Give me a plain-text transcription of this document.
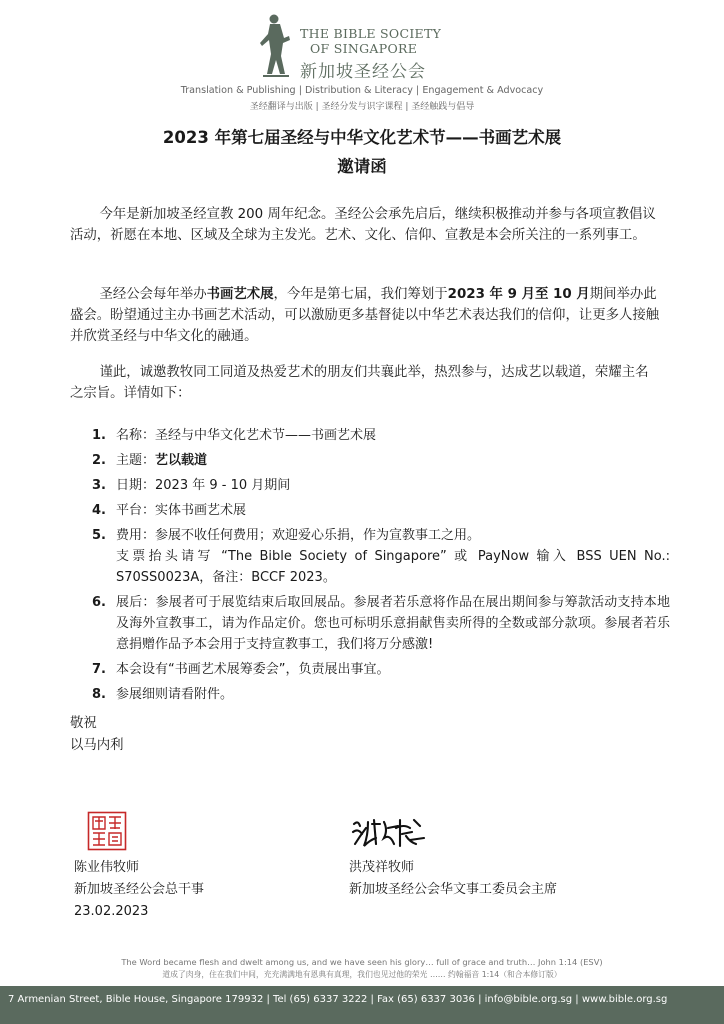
THE BIBLE SOCIETY
OF SINGAPORE
新加坡圣经公会
Translation & Publishing | Distribution & Literacy | Engagement & Advocacy
圣经翻译与出版 | 圣经分发与识字课程 | 圣经触践与倡导
2023 年第七届圣经与中华文化艺术节——书画艺术展
邀请函
今年是新加坡圣经宣教 200 周年纪念。圣经公会承先启后，继续积极推动并参与各项宣教倡议活动，祈愿在本地、区域及全球为主发光。艺术、文化、信仰、宣教是本会所关注的一系列事工。
圣经公会每年举办书画艺术展，今年是第七届，我们筹划于2023 年 9 月至 10 月期间举办此盛会。盼望通过主办书画艺术活动，可以激励更多基督徒以中华艺术表达我们的信仰，让更多人接触并欣赏圣经与中华文化的融通。
谨此，诚邀教牧同工同道及热爱艺术的朋友们共襄此举，热烈参与，达成艺以载道，荣耀主名之宗旨。详情如下：
1. 名称：圣经与中华文化艺术节——书画艺术展
2. 主题：艺以载道
3. 日期：2023 年 9 - 10 月期间
4. 平台：实体书画艺术展
5. 费用：参展不收任何费用；欢迎爱心乐捐，作为宣教事工之用。
支票抬头请写 “The Bible Society of Singapore” 或 PayNow 输入 BSS UEN No.: S70SS0023A，备注：BCCF 2023。
6. 展后：参展者可于展览结束后取回展品。参展者若乐意将作品在展出期间参与筹款活动支持本地及海外宣教事工，请为作品定价。您也可标明乐意捐献售卖所得的全数或部分款项。参展者若乐意捐赠作品予本会用于支持宣教事工，我们将万分感激!
7. 本会设有“书画艺术展筹委会”，负责展出事宜。
8. 参展细则请看附件。
敬祝
以马内利
陈业伟牧师
新加坡圣经公会总干事
23.02.2023
洪茂祥牧师
新加坡圣经公会华文事工委员会主席
The Word became flesh and dwelt among us, and we have seen his glory… full of grace and truth… John 1:14 (ESV)
道成了肉身，住在我们中间，充充满满地有恩典有真理，我们也见过他的荣光 …… 约翰福音 1:14（和合本修订版）
7 Armenian Street, Bible House, Singapore 179932 | Tel (65) 6337 3222 | Fax (65) 6337 3036 | info@bible.org.sg | www.bible.org.sg
